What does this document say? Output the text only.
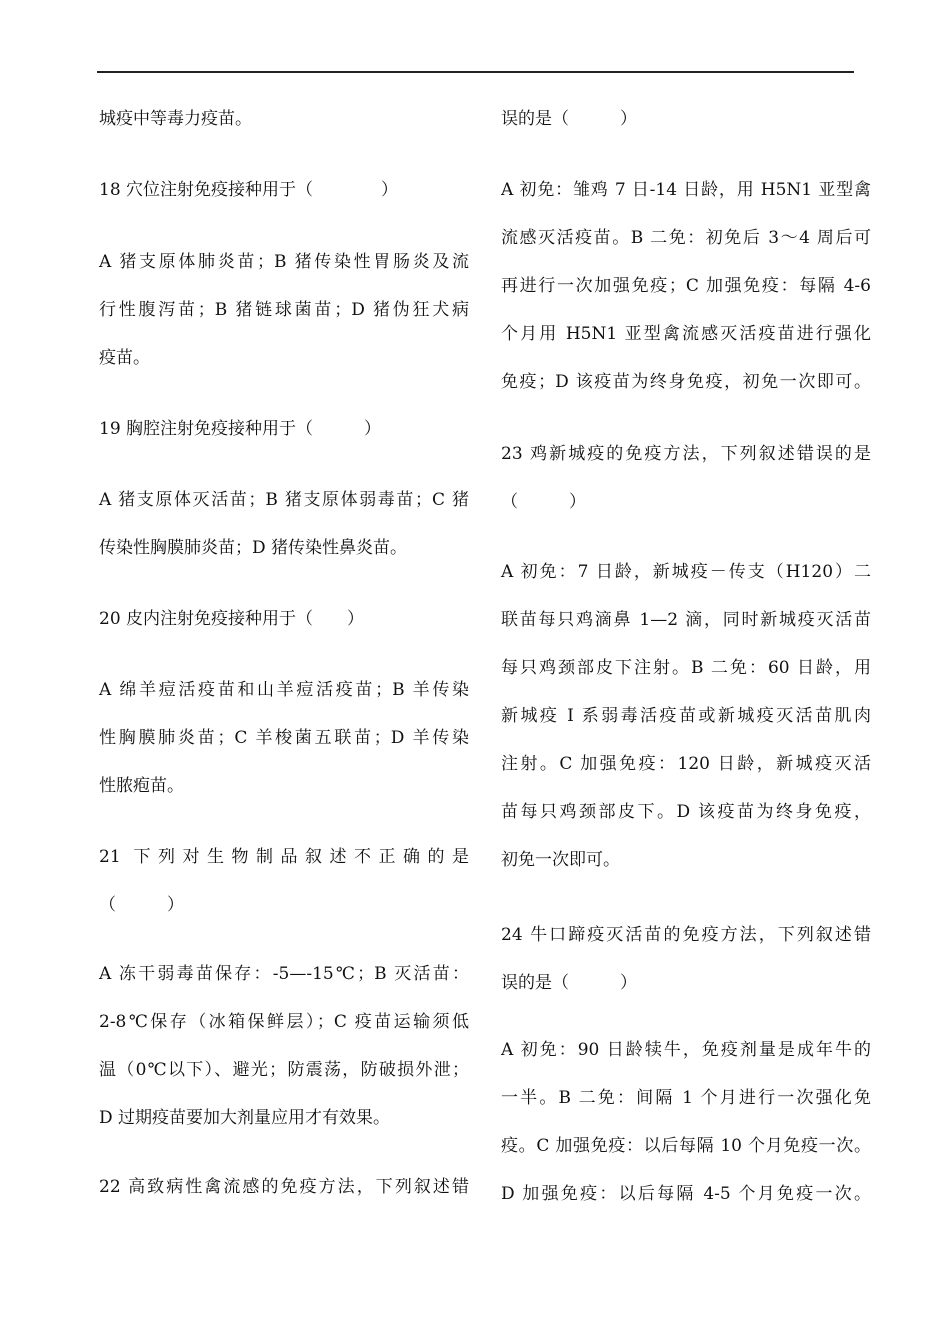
城疫中等毒力疫苗。
18 穴位注射免疫接种用于（　　　　）
A 猪支原体肺炎苗；B 猪传染性胃肠炎及流
行性腹泻苗；B 猪链球菌苗；D 猪伪狂犬病
疫苗。
19 胸腔注射免疫接种用于（　　　）
A 猪支原体灭活苗；B 猪支原体弱毒苗；C 猪
传染性胸膜肺炎苗；D 猪传染性鼻炎苗。
20 皮内注射免疫接种用于（　　）
A 绵羊痘活疫苗和山羊痘活疫苗；B 羊传染
性胸膜肺炎苗；C 羊梭菌五联苗；D 羊传染
性脓疱苗。
21 下列对生物制品叙述不正确的是
（　　　）
A 冻干弱毒苗保存：-5—-15℃；B 灭活苗：
2-8℃保存（冰箱保鲜层）；C 疫苗运输须低
温（0℃以下）、避光；防震荡，防破损外泄；
D 过期疫苗要加大剂量应用才有效果。
22 高致病性禽流感的免疫方法，下列叙述错
误的是（　　　）
A 初免：雏鸡 7 日-14 日龄，用 H5N1 亚型禽
流感灭活疫苗。B 二免：初免后 3～4 周后可
再进行一次加强免疫；C 加强免疫：每隔 4-6
个月用 H5N1 亚型禽流感灭活疫苗进行强化
免疫；D 该疫苗为终身免疫，初免一次即可。
23 鸡新城疫的免疫方法，下列叙述错误的是
（　　　）
A 初免：7 日龄，新城疫－传支（H120）二
联苗每只鸡滴鼻 1—2 滴，同时新城疫灭活苗
每只鸡颈部皮下注射。B 二免：60 日龄，用
新城疫 I 系弱毒活疫苗或新城疫灭活苗肌肉
注射。C 加强免疫：120 日龄，新城疫灭活
苗每只鸡颈部皮下。D 该疫苗为终身免疫，
初免一次即可。
24 牛口蹄疫灭活苗的免疫方法，下列叙述错
误的是（　　　）
A 初免：90 日龄犊牛，免疫剂量是成年牛的
一半。B 二免：间隔 1 个月进行一次强化免
疫。C 加强免疫：以后每隔 10 个月免疫一次。
D 加强免疫：以后每隔 4-5 个月免疫一次。
